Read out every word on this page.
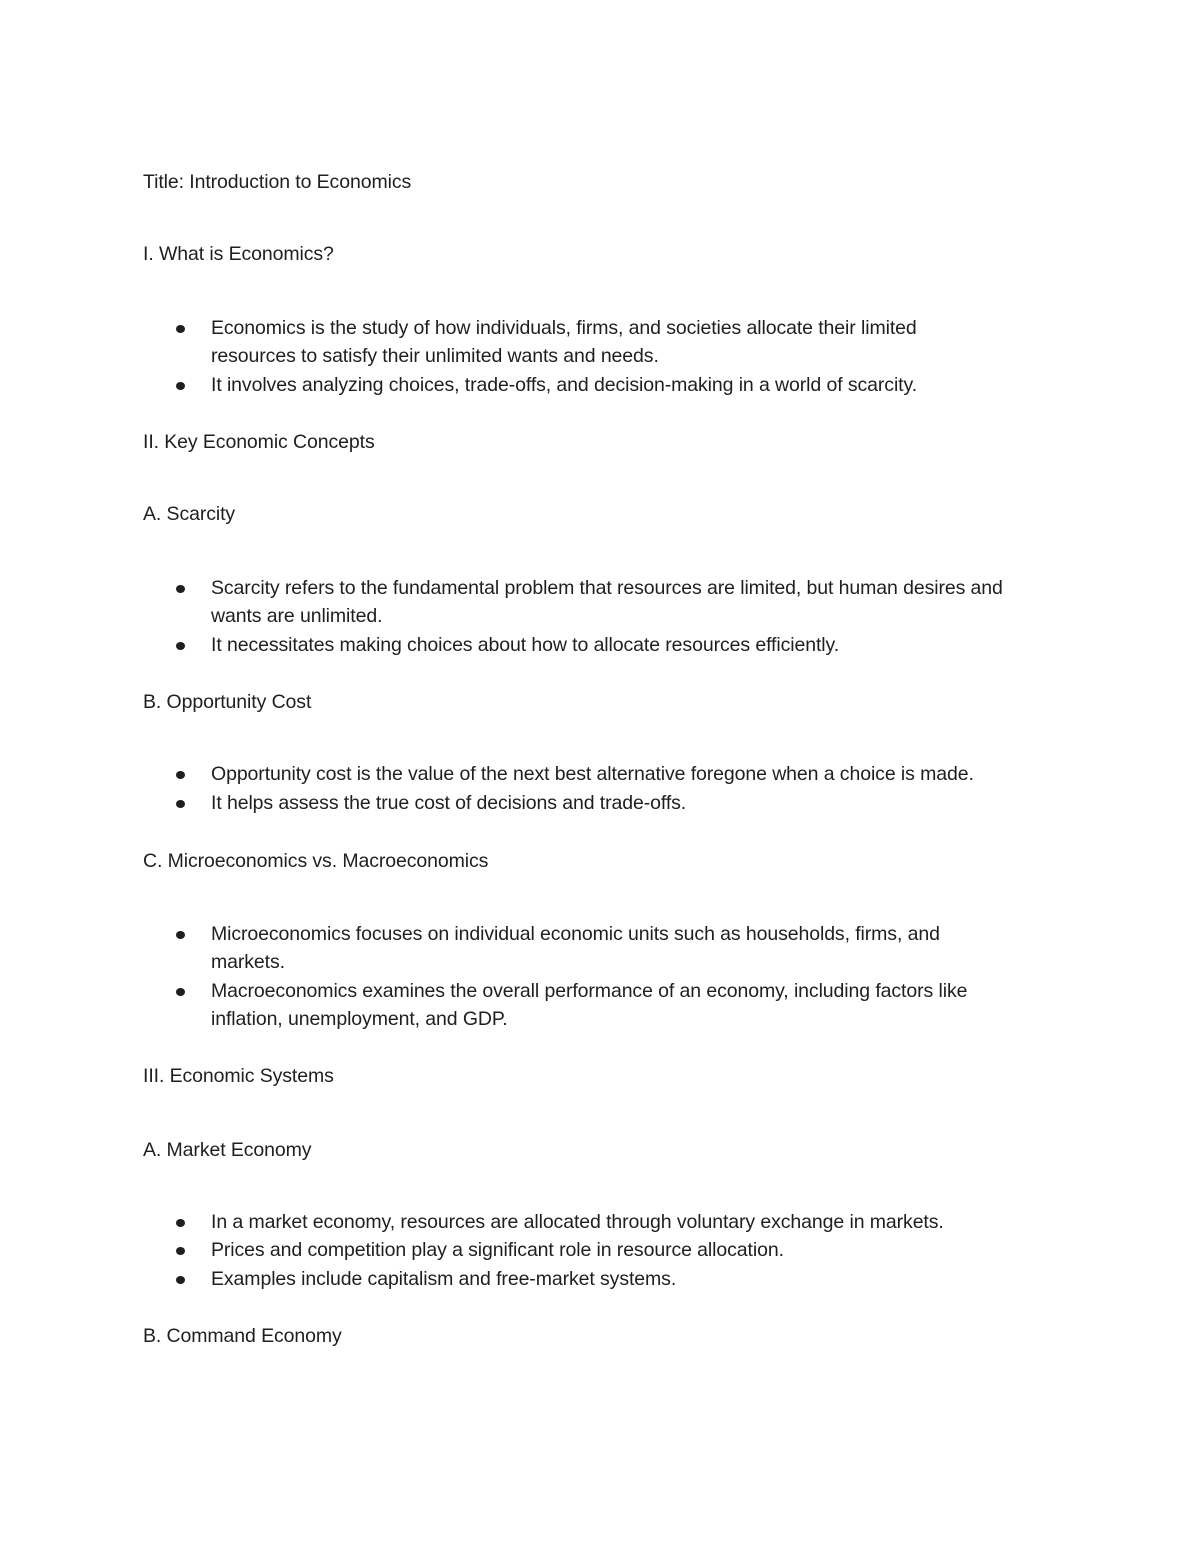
Title: Introduction to Economics
I. What is Economics?
Economics is the study of how individuals, firms, and societies allocate their limited
resources to satisfy their unlimited wants and needs.
It involves analyzing choices, trade-offs, and decision-making in a world of scarcity.
II. Key Economic Concepts
A. Scarcity
Scarcity refers to the fundamental problem that resources are limited, but human desires and
wants are unlimited.
It necessitates making choices about how to allocate resources efficiently.
B. Opportunity Cost
Opportunity cost is the value of the next best alternative foregone when a choice is made.
It helps assess the true cost of decisions and trade-offs.
C. Microeconomics vs. Macroeconomics
Microeconomics focuses on individual economic units such as households, firms, and
markets.
Macroeconomics examines the overall performance of an economy, including factors like
inflation, unemployment, and GDP.
III. Economic Systems
A. Market Economy
In a market economy, resources are allocated through voluntary exchange in markets.
Prices and competition play a significant role in resource allocation.
Examples include capitalism and free-market systems.
B. Command Economy
